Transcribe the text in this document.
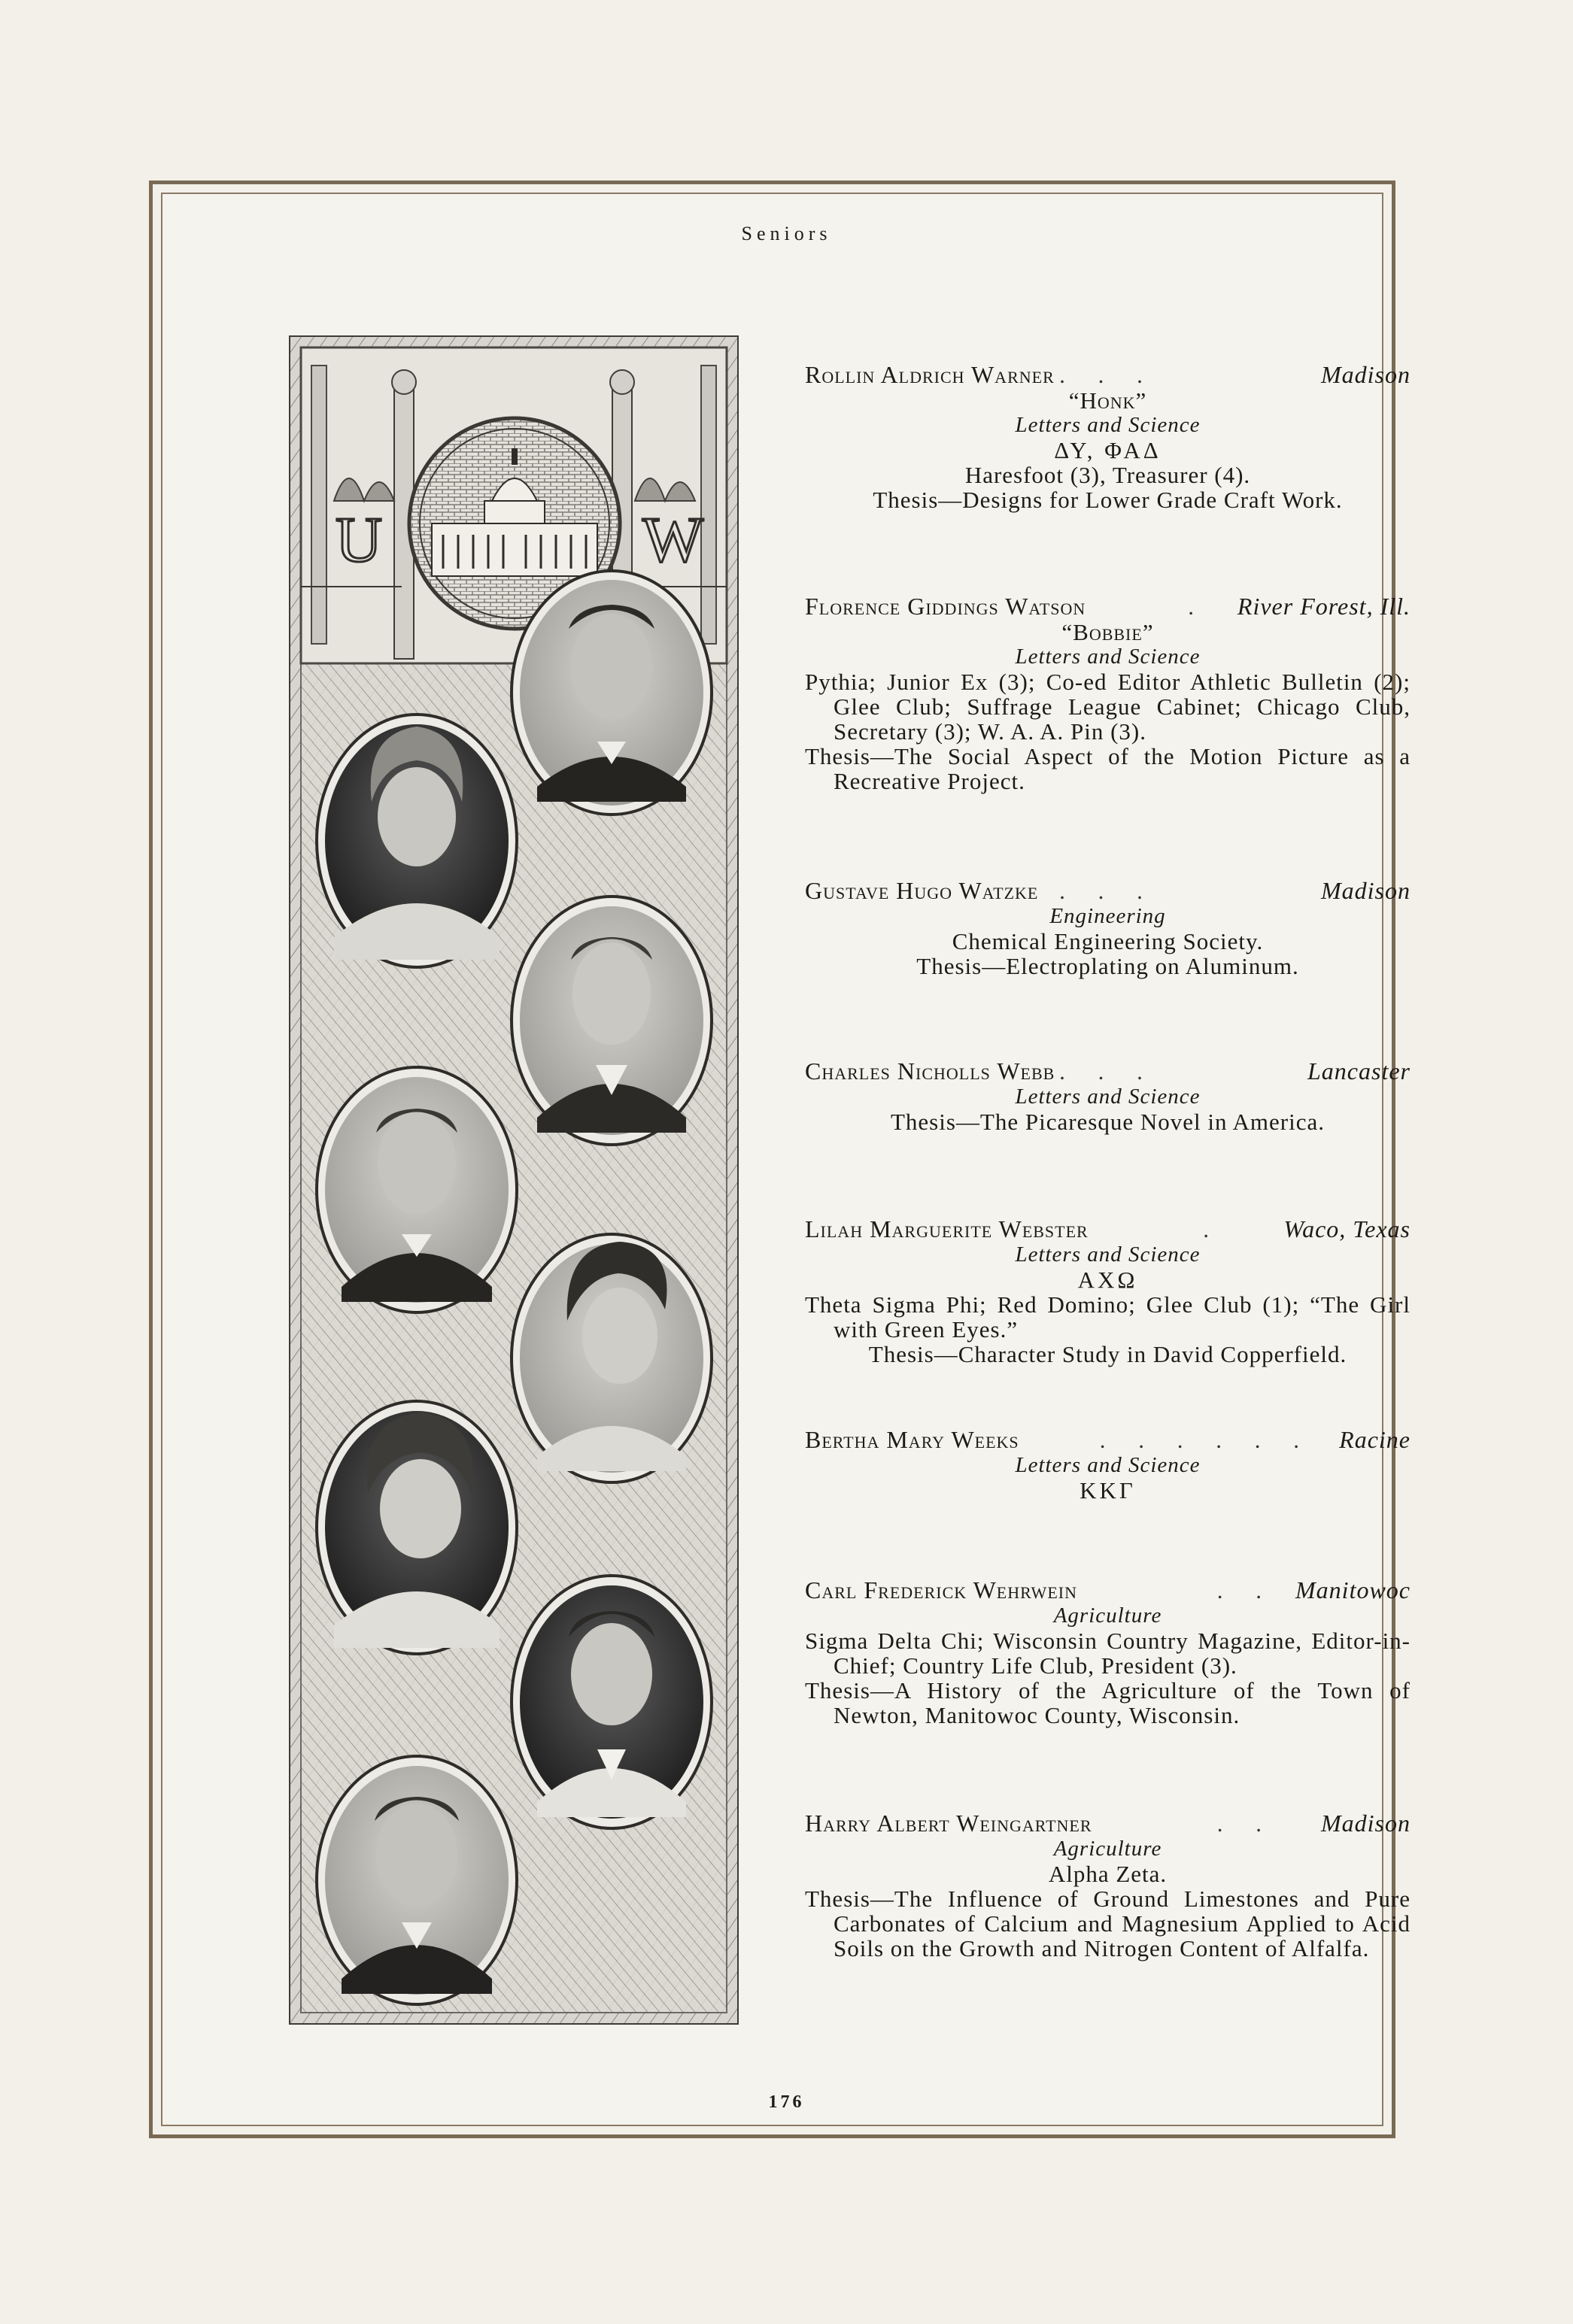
Seniors
U	W
. . .
Rollin Aldrich Warner	Madison
“Honk”
Letters and Science
ΔΥ, ΦΑΔ
Haresfoot (3), Treasurer (4).
Thesis—Designs for Lower Grade Craft Work.
.
Florence Giddings Watson	River Forest, Ill.
“Bobbie”
Letters and Science
Pythia; Junior Ex (3); Co-ed Editor Athletic Bulletin (2); Glee Club; Suffrage League Cabinet; Chicago Club, Secretary (3); W. A. A. Pin (3).
Thesis—The Social Aspect of the Motion Picture as a Recreative Project.
. . .
Gustave Hugo Watzke	Madison
Engineering
Chemical Engineering Society.
Thesis—Electroplating on Aluminum.
. . .
Charles Nicholls Webb	Lancaster
Letters and Science
Thesis—The Picaresque Novel in America.
.
Lilah Marguerite Webster	Waco, Texas
Letters and Science
ΑΧΩ
Theta Sigma Phi; Red Domino; Glee Club (1); “The Girl with Green Eyes.”
Thesis—Character Study in David Copperfield.
. . . . . .
Bertha Mary Weeks	Racine
Letters and Science
ΚΚΓ
. .
Carl Frederick Wehrwein	Manitowoc
Agriculture
Sigma Delta Chi; Wisconsin Country Magazine, Editor-in-Chief; Country Life Club, President (3).
Thesis—A History of the Agriculture of the Town of Newton, Manitowoc County, Wisconsin.
. .
Harry Albert Weingartner	Madison
Agriculture
Alpha Zeta.
Thesis—The Influence of Ground Limestones and Pure Carbonates of Calcium and Magnesium Applied to Acid Soils on the Growth and Nitrogen Content of Alfalfa.
176
